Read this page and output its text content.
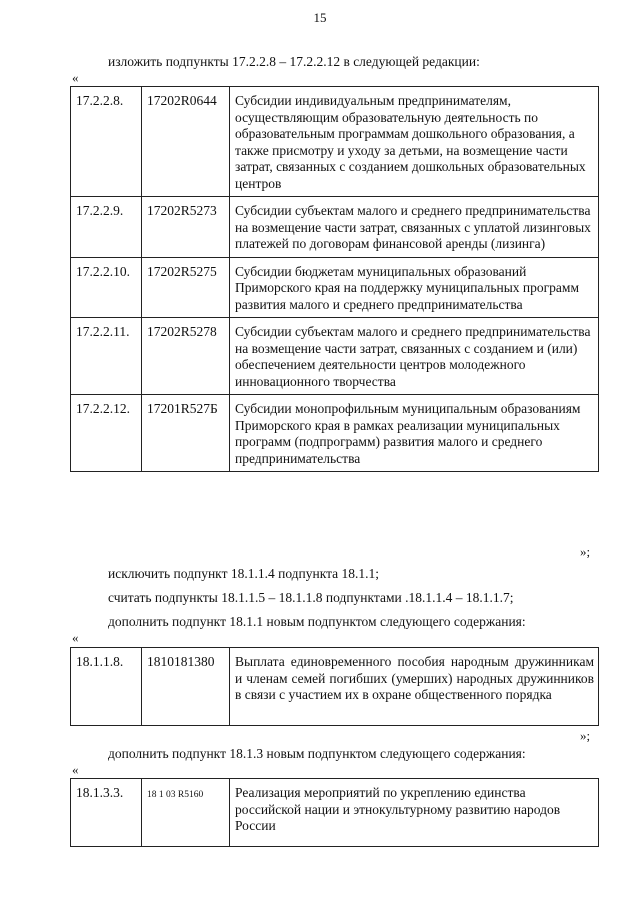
15
изложить подпункты 17.2.2.8 – 17.2.2.12 в следующей редакции:
«
17.2.2.8.	17202R0644	Субсидии индивидуальным предпринимателям, осуществляющим образовательную деятельность по образовательным программам дошкольного образования, а также присмотру и уходу за детьми, на возмещение части затрат, связанных с созданием дошкольных образовательных центров
17.2.2.9.	17202R5273	Субсидии субъектам малого и среднего предпринимательства на возмещение части затрат, связанных с уплатой лизинговых платежей по договорам финансовой аренды (лизинга)
17.2.2.10.	17202R5275	Субсидии бюджетам муниципальных образований Приморского края на поддержку муниципальных программ развития малого и среднего предпринимательства
17.2.2.11.	17202R5278	Субсидии субъектам малого и среднего предпринимательства на возмещение части затрат, связанных с созданием и (или) обеспечением деятельности центров молодежного инновационного творчества
17.2.2.12.	17201R527Б	Субсидии монопрофильным муниципальным образованиям Приморского края в рамках реализации муниципальных программ (подпрограмм) развития малого и среднего предпринимательства
»;
исключить подпункт 18.1.1.4 подпункта 18.1.1;
считать подпункты 18.1.1.5 – 18.1.1.8 подпунктами .18.1.1.4 – 18.1.1.7;
дополнить подпункт 18.1.1 новым подпунктом следующего содержания:
«
18.1.1.8.	1810181380	Выплата единовременного пособия народным дружинникам и членам семей погибших (умерших) народных дружинников в связи с участием их в охране общественного порядка
»;
дополнить подпункт 18.1.3 новым подпунктом следующего содержания:
«
18.1.3.3.	18 1 03 R5160	Реализация мероприятий по укреплению единства российской нации и этнокультурному развитию народов России
